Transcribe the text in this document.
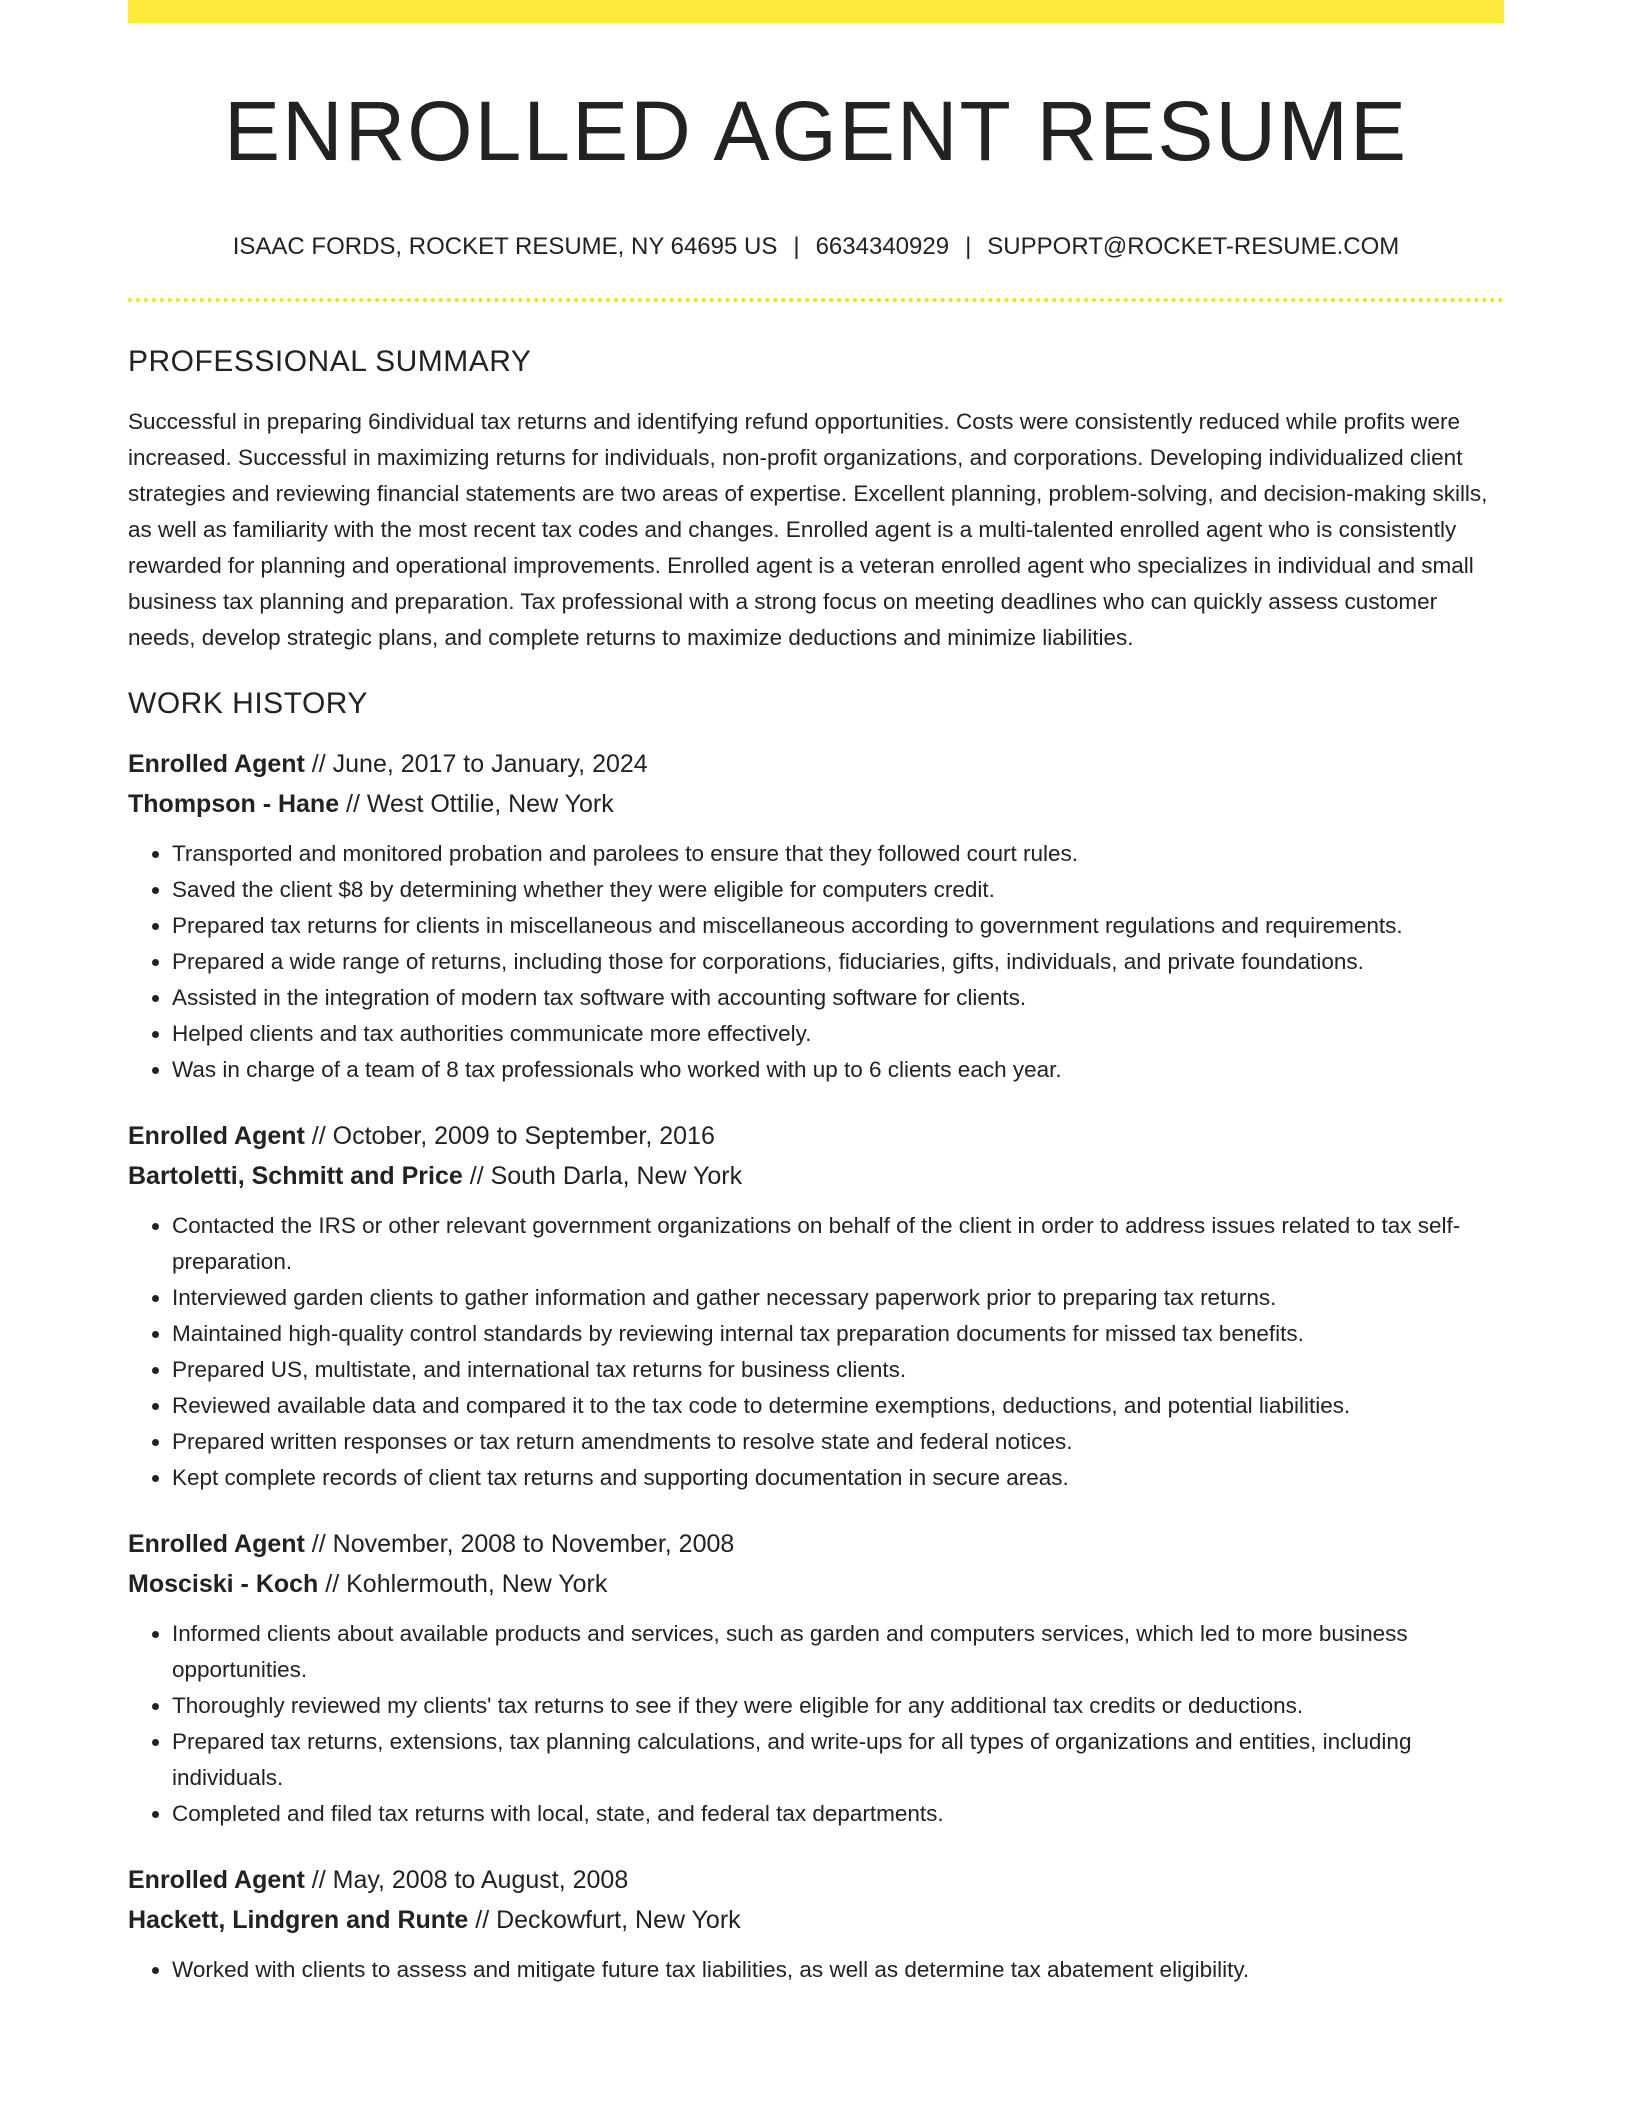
ENROLLED AGENT RESUME
ISAAC FORDS, ROCKET RESUME, NY 64695 US | 6634340929 | SUPPORT@ROCKET-RESUME.COM
PROFESSIONAL SUMMARY

Successful in preparing 6individual tax returns and identifying refund opportunities. Costs were consistently reduced while profits were increased. Successful in maximizing returns for individuals, non-profit organizations, and corporations. Developing individualized client strategies and reviewing financial statements are two areas of expertise. Excellent planning, problem-solving, and decision-making skills, as well as familiarity with the most recent tax codes and changes. Enrolled agent is a multi-talented enrolled agent who is consistently rewarded for planning and operational improvements. Enrolled agent is a veteran enrolled agent who specializes in individual and small business tax planning and preparation. Tax professional with a strong focus on meeting deadlines who can quickly assess customer needs, develop strategic plans, and complete returns to maximize deductions and minimize liabilities.

WORK HISTORY
Enrolled Agent // June, 2017 to January, 2024
Thompson - Hane // West Ottilie, New York
• Transported and monitored probation and parolees to ensure that they followed court rules.
• Saved the client $8 by determining whether they were eligible for computers credit.
• Prepared tax returns for clients in miscellaneous and miscellaneous according to government regulations and requirements.
• Prepared a wide range of returns, including those for corporations, fiduciaries, gifts, individuals, and private foundations.
• Assisted in the integration of modern tax software with accounting software for clients.
• Helped clients and tax authorities communicate more effectively.
• Was in charge of a team of 8 tax professionals who worked with up to 6 clients each year.
Enrolled Agent // October, 2009 to September, 2016
Bartoletti, Schmitt and Price // South Darla, New York
• Contacted the IRS or other relevant government organizations on behalf of the client in order to address issues related to tax self-preparation.
• Interviewed garden clients to gather information and gather necessary paperwork prior to preparing tax returns.
• Maintained high-quality control standards by reviewing internal tax preparation documents for missed tax benefits.
• Prepared US, multistate, and international tax returns for business clients.
• Reviewed available data and compared it to the tax code to determine exemptions, deductions, and potential liabilities.
• Prepared written responses or tax return amendments to resolve state and federal notices.
• Kept complete records of client tax returns and supporting documentation in secure areas.
Enrolled Agent // November, 2008 to November, 2008
Mosciski - Koch // Kohlermouth, New York
• Informed clients about available products and services, such as garden and computers services, which led to more business opportunities.
• Thoroughly reviewed my clients' tax returns to see if they were eligible for any additional tax credits or deductions.
• Prepared tax returns, extensions, tax planning calculations, and write-ups for all types of organizations and entities, including individuals.
• Completed and filed tax returns with local, state, and federal tax departments.
Enrolled Agent // May, 2008 to August, 2008
Hackett, Lindgren and Runte // Deckowfurt, New York
• Worked with clients to assess and mitigate future tax liabilities, as well as determine tax abatement eligibility.
